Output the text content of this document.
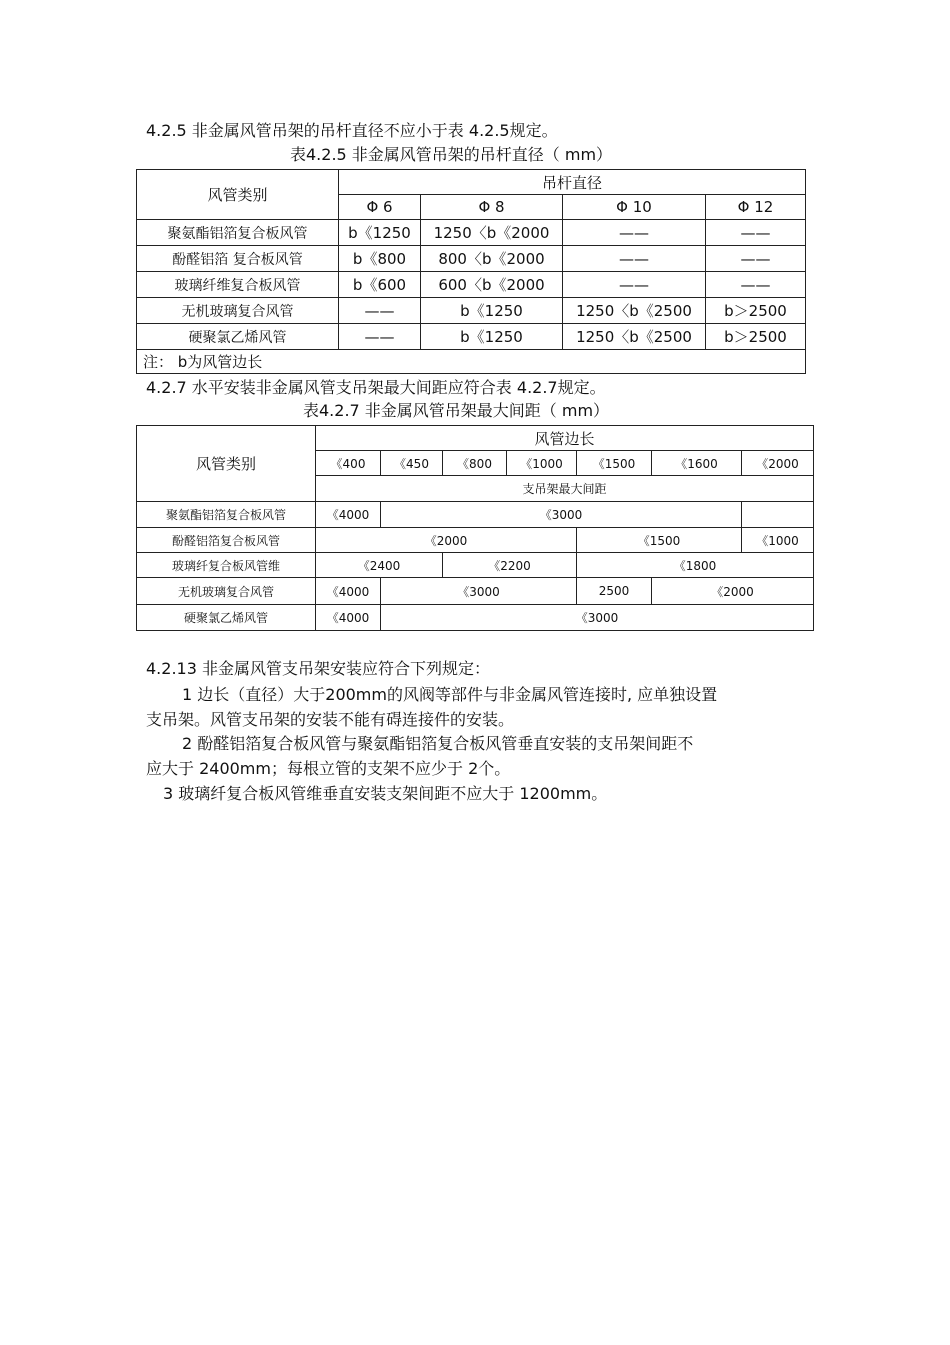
4.2.5 非金属风管吊架的吊杆直径不应小于表 4.2.5规定。
表4.2.5 非金属风管吊架的吊杆直径（ mm）
风管类别	吊杆直径			
	Φ 6	Φ 8	Φ 10	Φ 12
聚氨酯铝箔复合板风管	b《1250	1250〈b《2000	——	——
酚醛铝箔 复合板风管	b《800	800〈b《2000	——	——
玻璃纤维复合板风管	b《600	600〈b《2000	——	——
无机玻璃复合风管	——	b《1250	1250〈b《2500	b＞2500
硬聚氯乙烯风管	——	b《1250	1250〈b《2500	b＞2500
注： b为风管边长				
4.2.7 水平安装非金属风管支吊架最大间距应符合表 4.2.7规定。
表4.2.7 非金属风管吊架最大间距（ mm）
风管类别	风管边长						
	《400	《450	《800	《1000	《1500	《1600	《2000
	支吊架最大间距						
聚氨酯铝箔复合板风管	《4000	《3000					
酚醛铝箔复合板风管	《2000				《1500		《1000
玻璃纤复合板风管维	《2400		《2200		《1800		
无机玻璃复合风管	《4000	《3000			2500	《2000	
硬聚氯乙烯风管	《4000	《3000					
4.2.13 非金属风管支吊架安装应符合下列规定：
1 边长（直径）大于200mm的风阀等部件与非金属风管连接时, 应单独设置
支吊架。风管支吊架的安装不能有碍连接件的安装。
2 酚醛铝箔复合板风管与聚氨酯铝箔复合板风管垂直安装的支吊架间距不
应大于 2400mm；每根立管的支架不应少于 2个。
3 玻璃纤复合板风管维垂直安装支架间距不应大于 1200mm。
